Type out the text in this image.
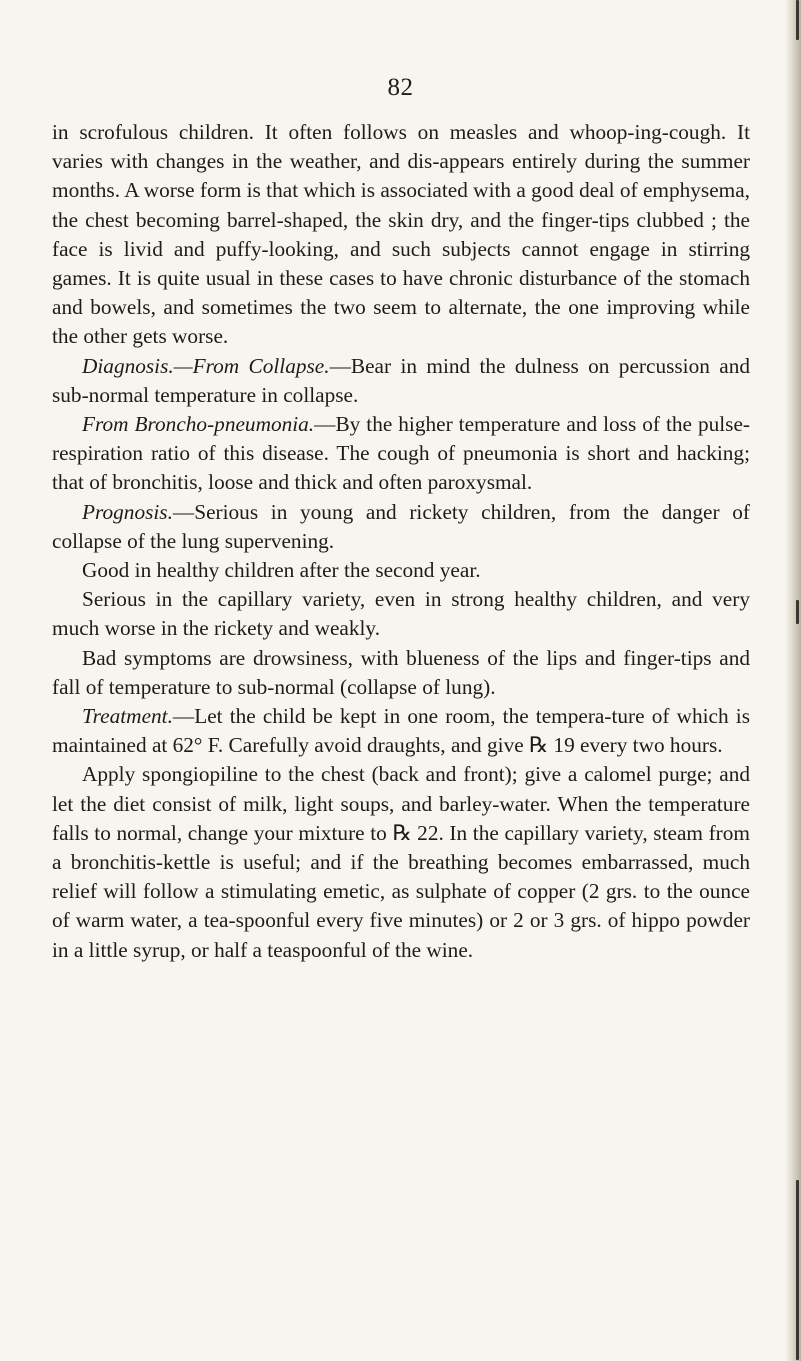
82

in scrofulous children. It often follows on measles and whoop-ing-cough. It varies with changes in the weather, and dis-appears entirely during the summer months. A worse form is that which is associated with a good deal of emphysema, the chest becoming barrel-shaped, the skin dry, and the finger-tips clubbed ; the face is livid and puffy-looking, and such subjects cannot engage in stirring games. It is quite usual in these cases to have chronic disturbance of the stomach and bowels, and sometimes the two seem to alternate, the one improving while the other gets worse.

Diagnosis.—From Collapse.—Bear in mind the dulness on percussion and sub-normal temperature in collapse.

From Broncho-pneumonia.—By the higher temperature and loss of the pulse-respiration ratio of this disease. The cough of pneumonia is short and hacking; that of bronchitis, loose and thick and often paroxysmal.

Prognosis.—Serious in young and rickety children, from the danger of collapse of the lung supervening.

Good in healthy children after the second year.

Serious in the capillary variety, even in strong healthy children, and very much worse in the rickety and weakly.

Bad symptoms are drowsiness, with blueness of the lips and finger-tips and fall of temperature to sub-normal (collapse of lung).

Treatment.—Let the child be kept in one room, the tempera-ture of which is maintained at 62° F. Carefully avoid draughts, and give ℞ 19 every two hours.

Apply spongiopiline to the chest (back and front); give a calomel purge; and let the diet consist of milk, light soups, and barley-water. When the temperature falls to normal, change your mixture to ℞ 22. In the capillary variety, steam from a bronchitis-kettle is useful; and if the breathing becomes embarrassed, much relief will follow a stimulating emetic, as sulphate of copper (2 grs. to the ounce of warm water, a tea-spoonful every five minutes) or 2 or 3 grs. of hippo powder in a little syrup, or half a teaspoonful of the wine.
